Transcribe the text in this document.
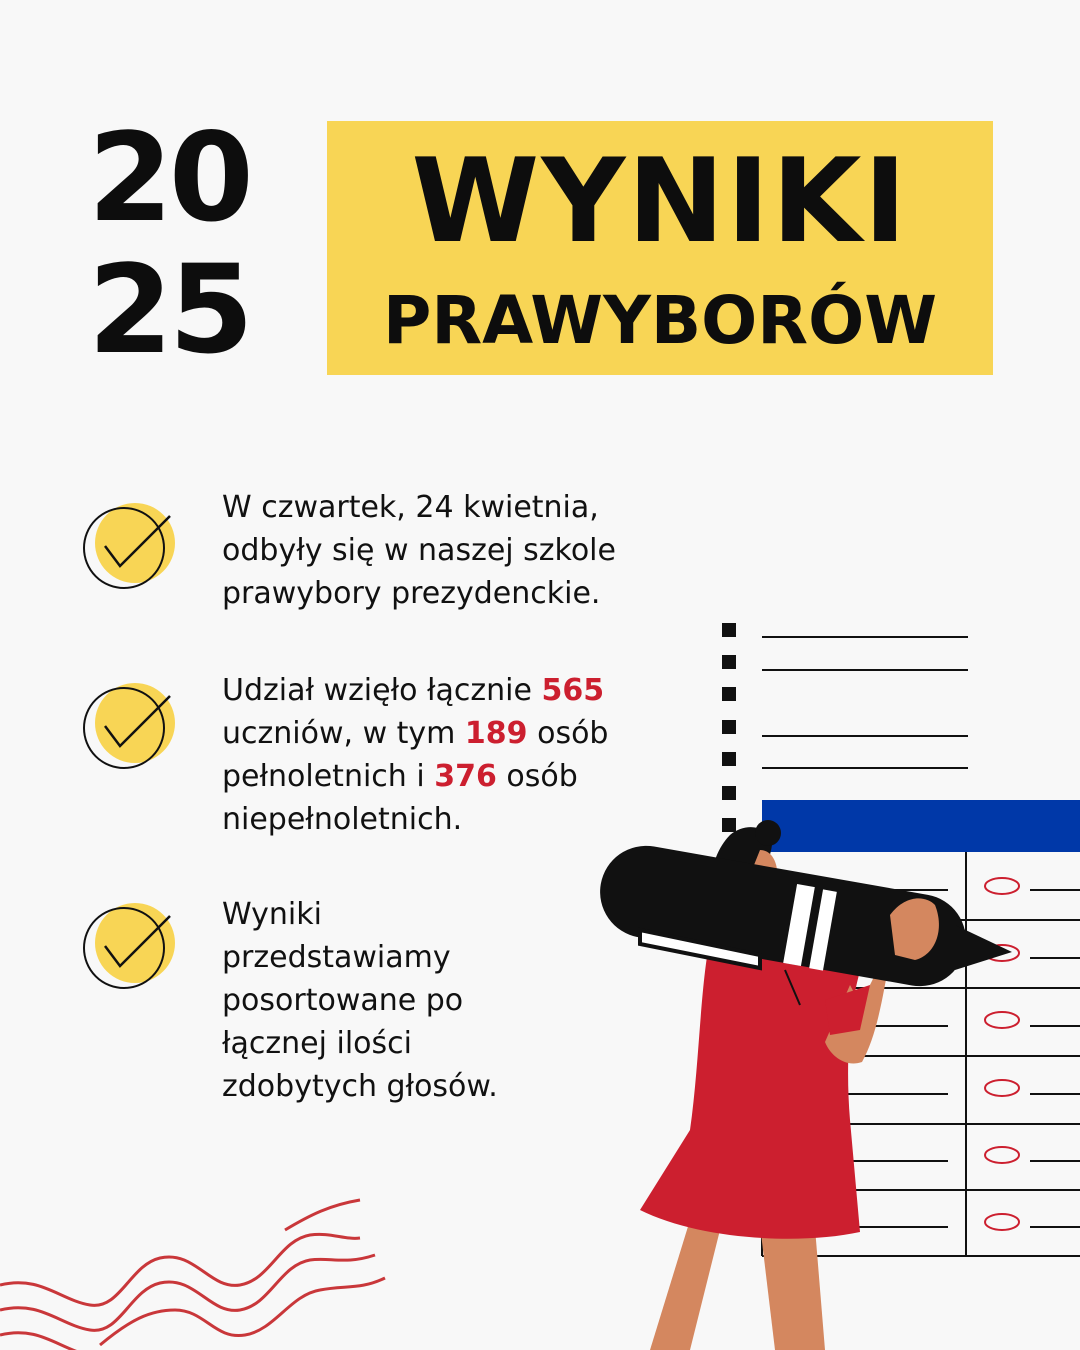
20
25
WYNIKI
PRAWYBORÓW
W czwartek, 24 kwietnia, odbyły się w naszej szkole prawybory prezydenckie.
Udział wzięło łącznie 565 uczniów, w tym 189 osób pełnoletnich i 376 osób niepełnoletnich.
Wyniki przedstawiamy posortowane po łącznej ilości zdobytych głosów.
